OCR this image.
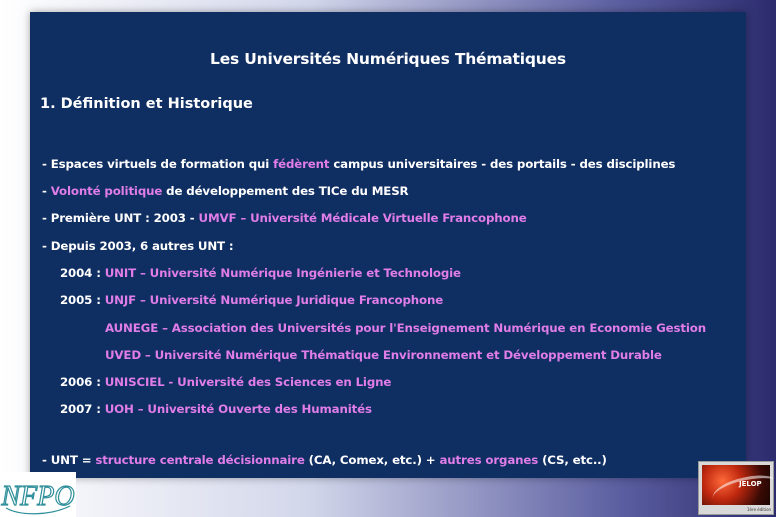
Les Universités Numériques Thématiques
1. Définition et Historique
- Espaces virtuels de formation qui fédèrent campus universitaires - des portails - des disciplines
- Volonté politique de développement des TICe du MESR
- Première UNT : 2003 - UMVF – Université Médicale Virtuelle Francophone
- Depuis 2003, 6 autres UNT :
2004 : UNIT – Université Numérique Ingénierie et Technologie
2005 : UNJF – Université Numérique Juridique Francophone
AUNEGE – Association des Universités pour l'Enseignement Numérique en Economie Gestion
UVED – Université Numérique Thématique Environnement et Développement Durable
2006 : UNISCIEL - Université des Sciences en Ligne
2007 : UOH – Université Ouverte des Humanités
- UNT = structure centrale décisionnaire (CA, Comex, etc.) + autres organes (CS, etc..)
NFPO	JELOP
1ère édition
